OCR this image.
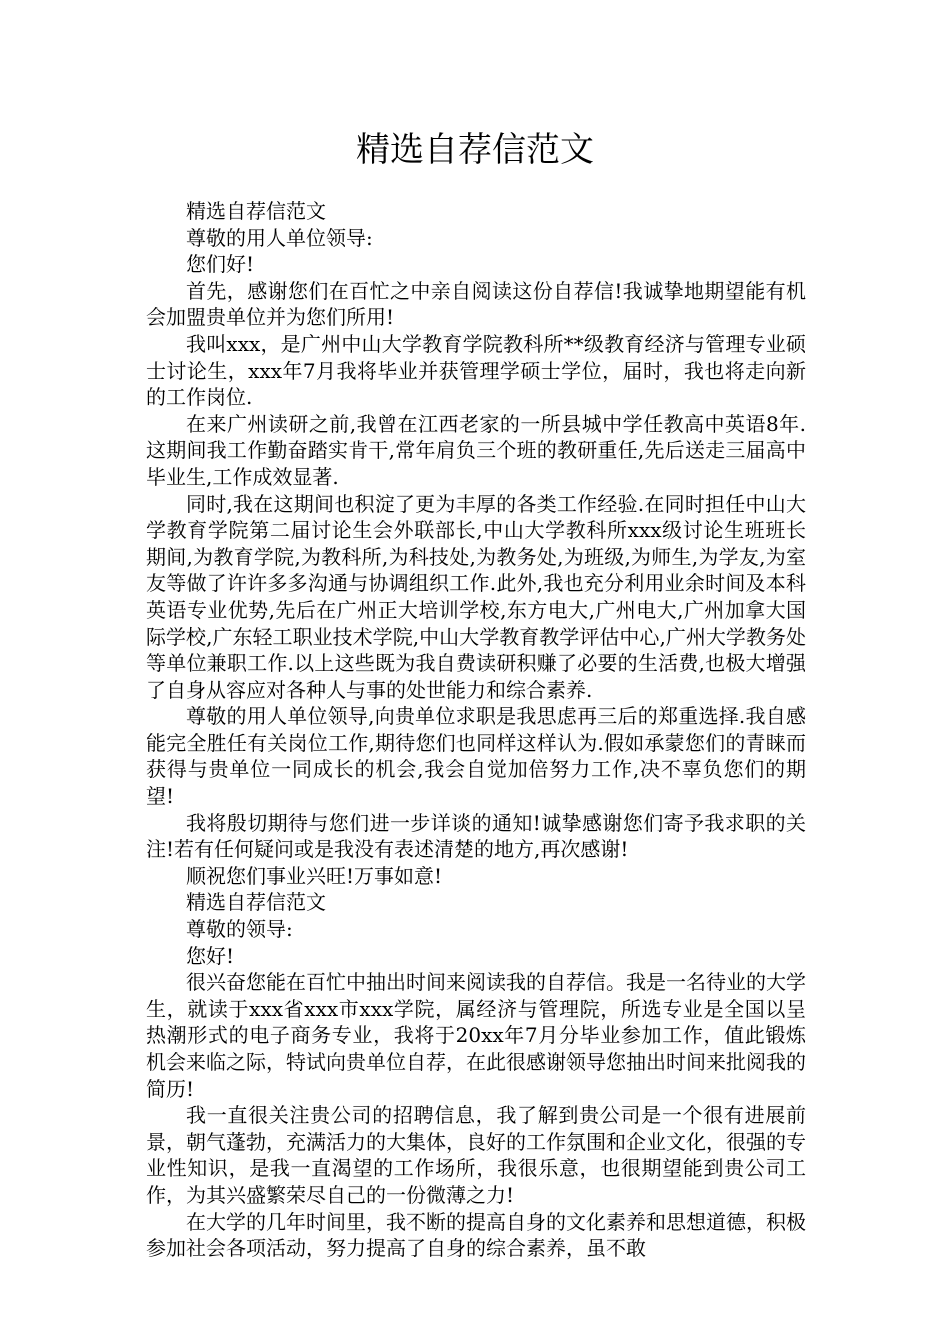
精选自荐信范文

精选自荐信范文

尊敬的用人单位领导:

您们好!

首先，感谢您们在百忙之中亲自阅读这份自荐信!我诚挚地期望能有机会加盟贵单位并为您们所用!

我叫xxx，是广州中山大学教育学院教科所**级教育经济与管理专业硕士讨论生，xxx年7月我将毕业并获管理学硕士学位，届时，我也将走向新的工作岗位.

在来广州读研之前,我曾在江西老家的一所县城中学任教高中英语8年.这期间我工作勤奋踏实肯干,常年肩负三个班的教研重任,先后送走三届高中毕业生,工作成效显著.

同时,我在这期间也积淀了更为丰厚的各类工作经验.在同时担任中山大学教育学院第二届讨论生会外联部长,中山大学教科所xxx级讨论生班班长期间,为教育学院,为教科所,为科技处,为教务处,为班级,为师生,为学友,为室友等做了许许多多沟通与协调组织工作.此外,我也充分利用业余时间及本科英语专业优势,先后在广州正大培训学校,东方电大,广州电大,广州加拿大国际学校,广东轻工职业技术学院,中山大学教育教学评估中心,广州大学教务处等单位兼职工作.以上这些既为我自费读研积赚了必要的生活费,也极大增强了自身从容应对各种人与事的处世能力和综合素养.

尊敬的用人单位领导,向贵单位求职是我思虑再三后的郑重选择.我自感能完全胜任有关岗位工作,期待您们也同样这样认为.假如承蒙您们的青睐而获得与贵单位一同成长的机会,我会自觉加倍努力工作,决不辜负您们的期望!

我将殷切期待与您们进一步详谈的通知!诚挚感谢您们寄予我求职的关注!若有任何疑问或是我没有表述清楚的地方,再次感谢!

顺祝您们事业兴旺!万事如意!

精选自荐信范文

尊敬的领导:

您好!

很兴奋您能在百忙中抽出时间来阅读我的自荐信。我是一名待业的大学生，就读于xxx省xxx市xxx学院，属经济与管理院，所选专业是全国以呈热潮形式的电子商务专业，我将于20xx年7月分毕业参加工作，值此锻炼机会来临之际，特试向贵单位自荐，在此很感谢领导您抽出时间来批阅我的简历!

我一直很关注贵公司的招聘信息，我了解到贵公司是一个很有进展前景，朝气蓬勃，充满活力的大集体，良好的工作氛围和企业文化，很强的专业性知识，是我一直渴望的工作场所，我很乐意，也很期望能到贵公司工作，为其兴盛繁荣尽自己的一份微薄之力!

在大学的几年时间里，我不断的提高自身的文化素养和思想道德，积极参加社会各项活动，努力提高了自身的综合素养，虽不敢
